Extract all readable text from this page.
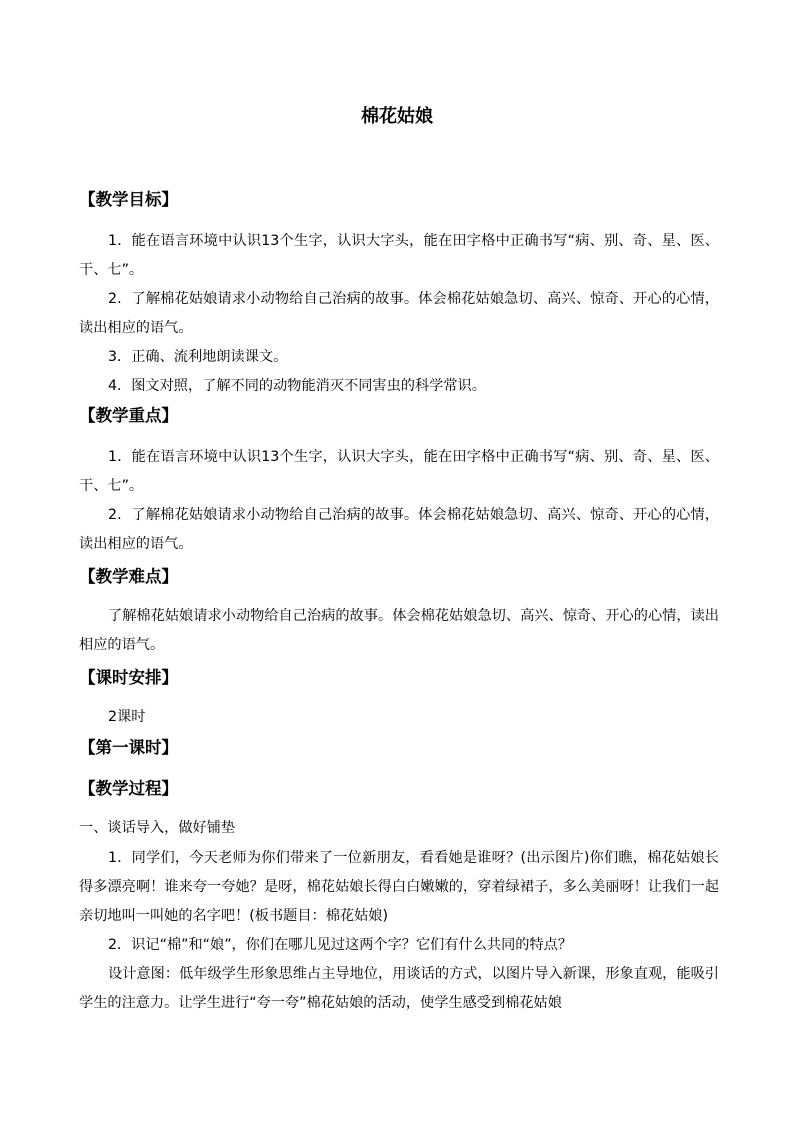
棉花姑娘
【教学目标】

1．能在语言环境中认识13个生字，认识大字头，能在田字格中正确书写“病、别、奇、星、医、干、七”。

2．了解棉花姑娘请求小动物给自己治病的故事。体会棉花姑娘急切、高兴、惊奇、开心的心情，读出相应的语气。

3．正确、流利地朗读课文。

4．图文对照，了解不同的动物能消灭不同害虫的科学常识。

【教学重点】

1．能在语言环境中认识13个生字，认识大字头，能在田字格中正确书写“病、别、奇、星、医、干、七”。

2．了解棉花姑娘请求小动物给自己治病的故事。体会棉花姑娘急切、高兴、惊奇、开心的心情，读出相应的语气。

【教学难点】

了解棉花姑娘请求小动物给自己治病的故事。体会棉花姑娘急切、高兴、惊奇、开心的心情，读出相应的语气。

【课时安排】

2课时

【第一课时】
【教学过程】

一、谈话导入，做好铺垫

1．同学们，今天老师为你们带来了一位新朋友，看看她是谁呀？(出示图片)你们瞧，棉花姑娘长得多漂亮啊！谁来夸一夸她？是呀，棉花姑娘长得白白嫩嫩的，穿着绿裙子，多么美丽呀！让我们一起亲切地叫一叫她的名字吧！(板书题目：棉花姑娘)

2．识记“棉”和“娘”，你们在哪儿见过这两个字？它们有什么共同的特点？

设计意图：低年级学生形象思维占主导地位，用谈话的方式，以图片导入新课，形象直观，能吸引学生的注意力。让学生进行“夸一夸”棉花姑娘的活动，使学生感受到棉花姑娘
